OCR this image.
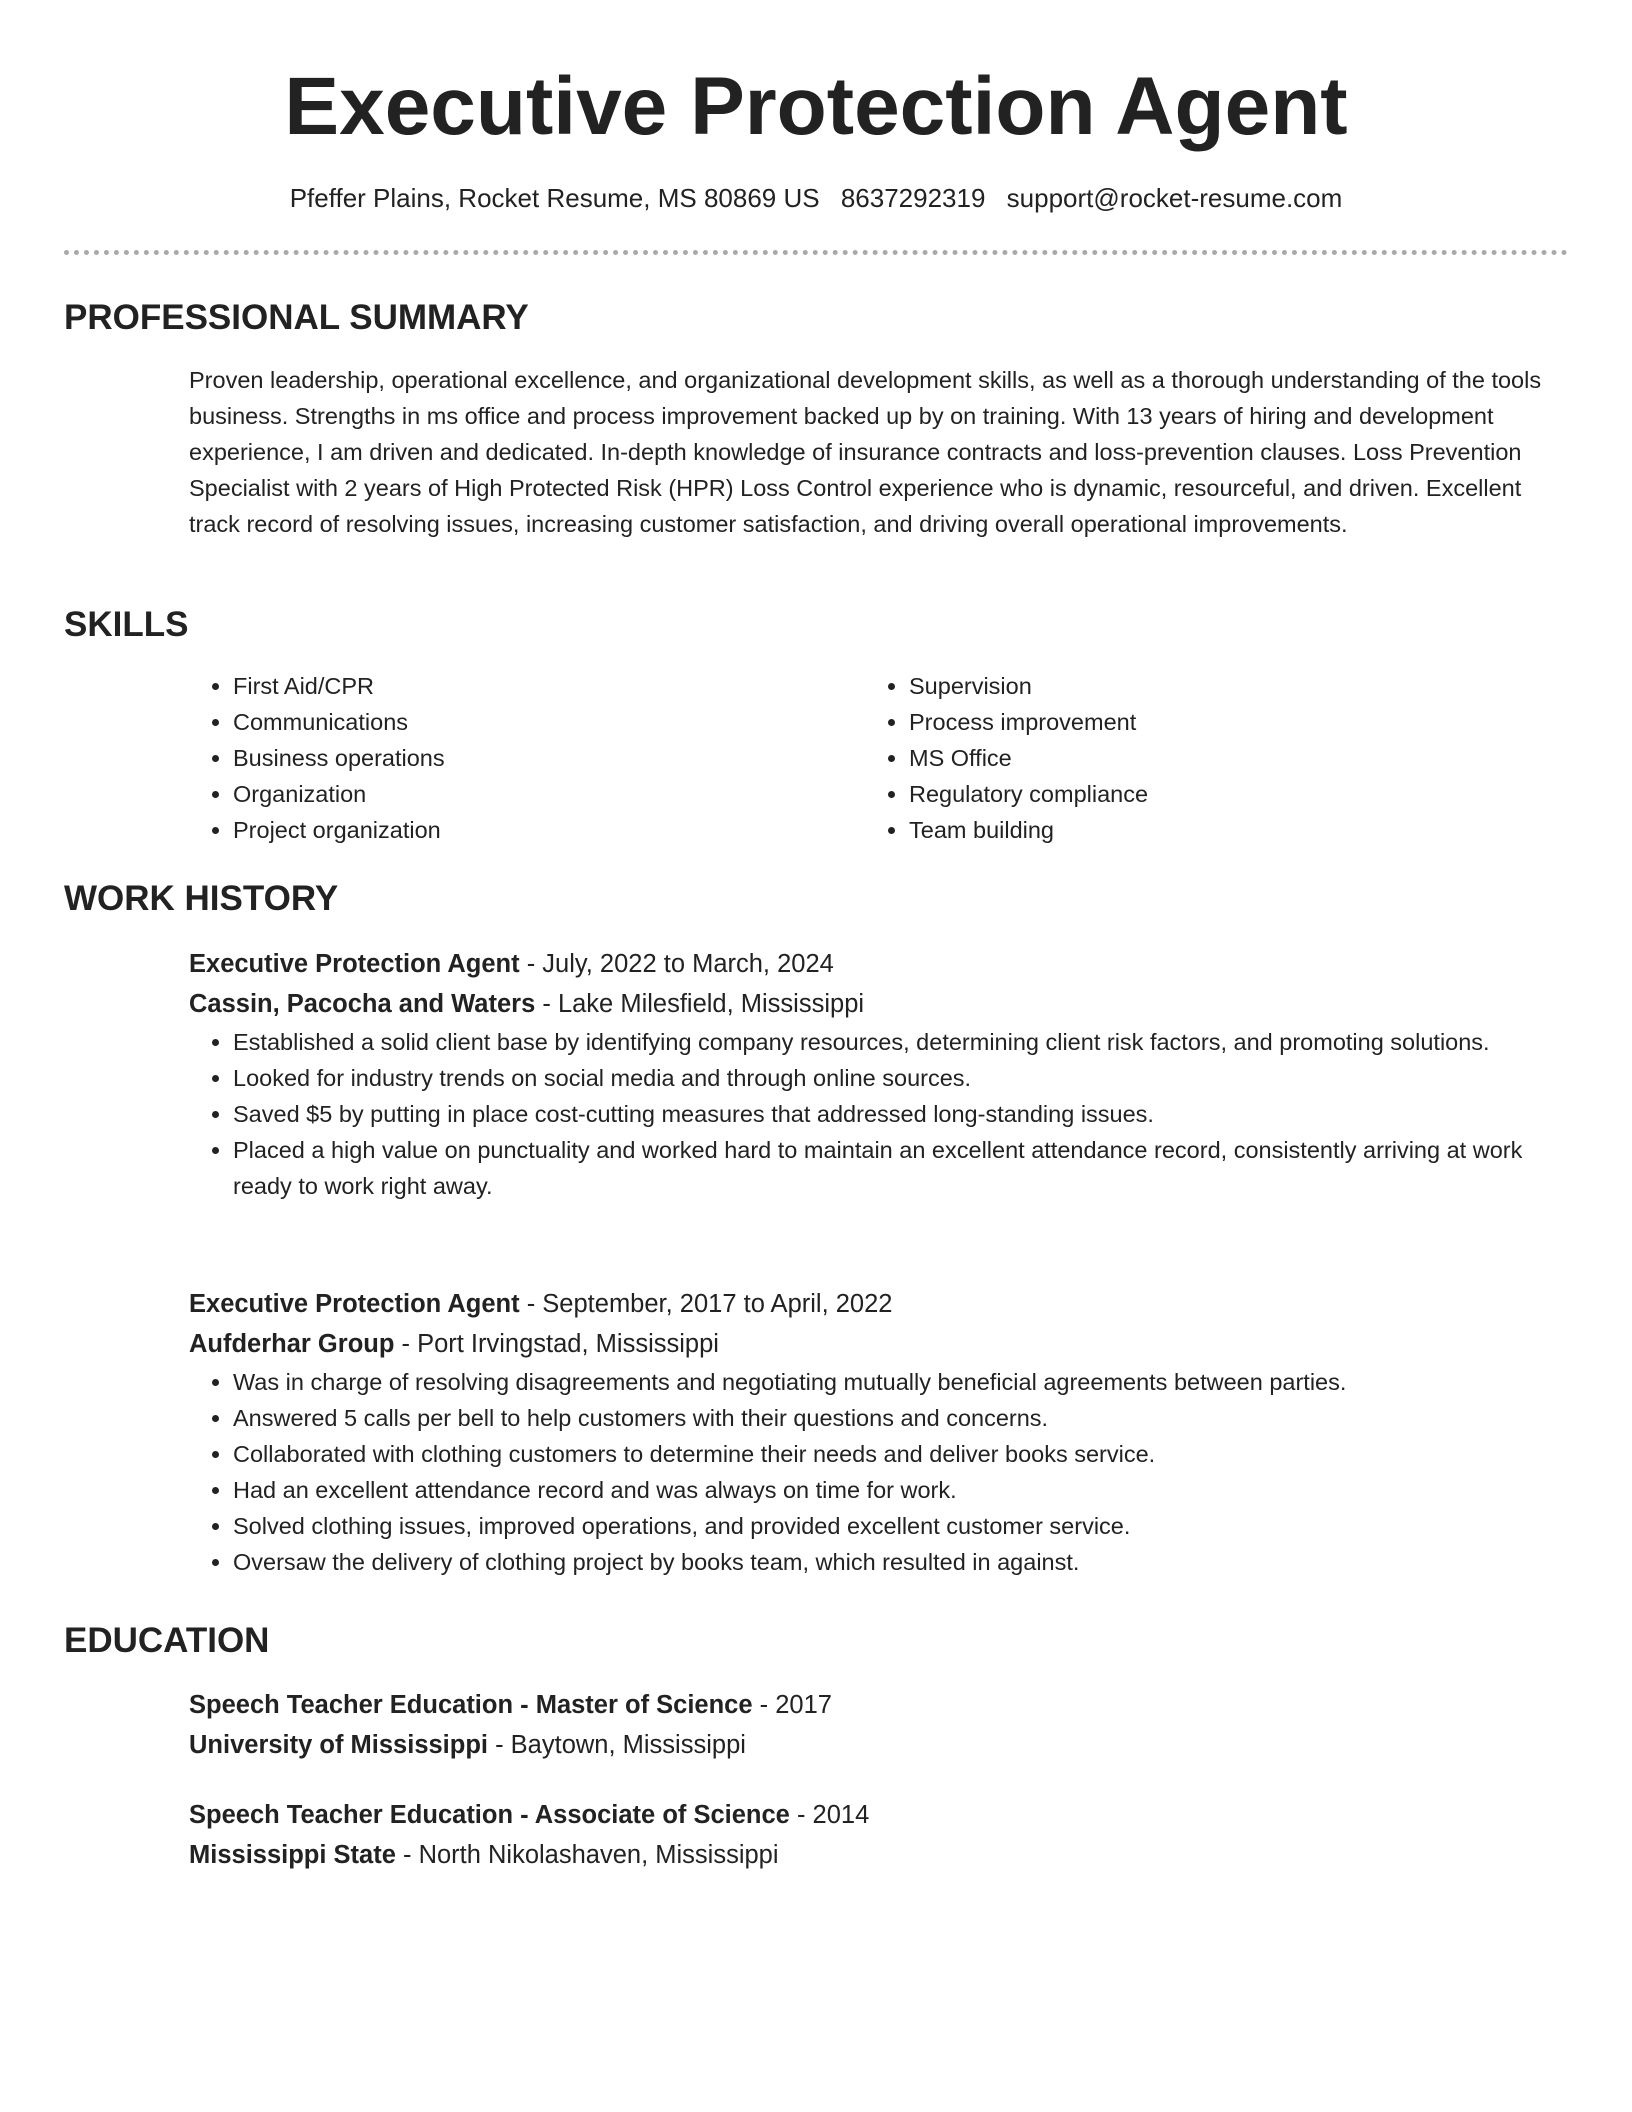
Executive Protection Agent
Pfeffer Plains, Rocket Resume, MS 80869 US 8637292319 support@rocket-resume.com
PROFESSIONAL SUMMARY

Proven leadership, operational excellence, and organizational development skills, as well as a thorough understanding of the tools business. Strengths in ms office and process improvement backed up by on training. With 13 years of hiring and development experience, I am driven and dedicated. In-depth knowledge of insurance contracts and loss-prevention clauses. Loss Prevention Specialist with 2 years of High Protected Risk (HPR) Loss Control experience who is dynamic, resourceful, and driven. Excellent track record of resolving issues, increasing customer satisfaction, and driving overall operational improvements.

SKILLS
• First Aid/CPR
• Communications
• Business operations
• Organization
• Project organization
• Supervision
• Process improvement
• MS Office
• Regulatory compliance
• Team building
WORK HISTORY

Executive Protection Agent - July, 2022 to March, 2024

Cassin, Pacocha and Waters - Lake Milesfield, Mississippi

• Established a solid client base by identifying company resources, determining client risk factors, and promoting solutions.
• Looked for industry trends on social media and through online sources.
• Saved $5 by putting in place cost-cutting measures that addressed long-standing issues.
• Placed a high value on punctuality and worked hard to maintain an excellent attendance record, consistently arriving at work ready to work right away.

Executive Protection Agent - September, 2017 to April, 2022

Aufderhar Group - Port Irvingstad, Mississippi

• Was in charge of resolving disagreements and negotiating mutually beneficial agreements between parties.
• Answered 5 calls per bell to help customers with their questions and concerns.
• Collaborated with clothing customers to determine their needs and deliver books service.
• Had an excellent attendance record and was always on time for work.
• Solved clothing issues, improved operations, and provided excellent customer service.
• Oversaw the delivery of clothing project by books team, which resulted in against.
EDUCATION

Speech Teacher Education - Master of Science - 2017

University of Mississippi - Baytown, Mississippi

Speech Teacher Education - Associate of Science - 2014

Mississippi State - North Nikolashaven, Mississippi
